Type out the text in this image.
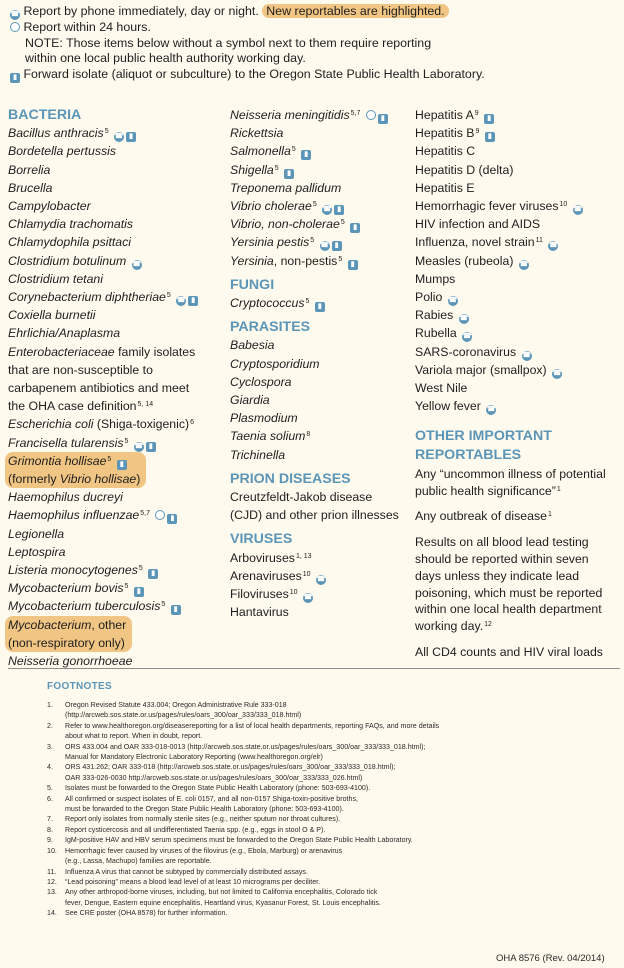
☎ Report by phone immediately, day or night. New reportables are highlighted.
Report within 24 hours.
NOTE: Those items below without a symbol next to them require reporting
within one local public health authority working day.
▮ Forward isolate (aliquot or subculture) to the Oregon State Public Health Laboratory.
BACTERIA
Bacillus anthracis$^5$ ☎ ▮
Bordetella pertussis
Borrelia
Brucella
Campylobacter
Chlamydia trachomatis
Chlamydophila psittaci
Clostridium botulinum ☎
Clostridium tetani
Corynebacterium diphtheriae$^5$ ☎ ▮
Coxiella burnetii
Ehrlichia/Anaplasma
Enterobacteriaceae family isolates
that are non-susceptible to
carbapenem antibiotics and meet
the OHA case definition$^{5, 14}$
Escherichia coli (Shiga-toxigenic)$^6$
Francisella tularensis$^5$ ☎ ▮
Grimontia hollisae$^5$ ▮
(formerly Vibrio hollisae)
Haemophilus ducreyi
Haemophilus influenzae$^{5,7}$ ▮
Legionella
Leptospira
Listeria monocytogenes$^5$ ▮
Mycobacterium bovis$^5$ ▮
Mycobacterium tuberculosis$^5$ ▮
Mycobacterium, other
(non-respiratory only)
Neisseria gonorrhoeae
Neisseria meningitidis$^{5,7}$ ▮
Rickettsia
Salmonella$^5$ ▮
Shigella$^5$ ▮
Treponema pallidum
Vibrio cholerae$^5$ ☎ ▮
Vibrio, non-cholerae$^5$ ▮
Yersinia pestis$^5$ ☎ ▮
Yersinia, non-pestis$^5$ ▮
FUNGI
Cryptococcus$^5$ ▮
PARASITES
Babesia
Cryptosporidium
Cyclospora
Giardia
Plasmodium
Taenia solium$^8$
Trichinella
PRION DISEASES
Creutzfeldt-Jakob disease
(CJD) and other prion illnesses
VIRUSES
Arboviruses$^{1, 13}$
Arenaviruses$^{10}$ ☎
Filoviruses$^{10}$ ☎
Hantavirus
Hepatitis $A^9$ ▮
Hepatitis $B^9$ ▮
Hepatitis C
Hepatitis D (delta)
Hepatitis E
Hemorrhagic fever viruses$^{10}$ ☎
HIV infection and AIDS
Influenza, novel strain$^{11}$ ☎
Measles (rubeola) ☎
Mumps
Polio ☎
Rabies ☎
Rubella ☎
SARS-coronavirus ☎
Variola major (smallpox) ☎
West Nile
Yellow fever ☎
OTHER IMPORTANT
REPORTABLES
Any “uncommon illness of potential
public health significance”$^1$
Any outbreak of disease$^1$
Results on all blood lead testing
should be reported within seven
days unless they indicate lead
poisoning, which must be reported
within one local health department
working day.$^{12}$
All CD4 counts and HIV viral loads
FOOTNOTES
1.	Oregon Revised Statute 433.004; Oregon Administrative Rule 333-018
(http://arcweb.sos.state.or.us/pages/rules/oars_300/oar_333/333_018.html)
2.	Refer to www.healthoregon.org/diseasereporting for a list of local health departments, reporting FAQs, and more details
about what to report. When in doubt, report.
3.	ORS 433.004 and OAR 333-018-0013 (http://arcweb.sos.state.or.us/pages/rules/oars_300/oar_333/333_018.html);
Manual for Mandatory Electronic Laboratory Reporting (www.healthoregon.org/elr)
4.	ORS 431.262; OAR 333-018 (http://arcweb.sos.state.or.us/pages/rules/oars_300/oar_333/333_018.html);
OAR 333-026-0030 http://arcweb.sos.state.or.us/pages/rules/oars_300/oar_333/333_026.html)
5.	Isolates must be forwarded to the Oregon State Public Health Laboratory (phone: 503-693-4100).
6.	All confirmed or suspect isolates of E. coli 0157, and all non-0157 Shiga-toxin-positive broths,
must be forwarded to the Oregon State Public Health Laboratory (phone: 503-693-4100).
7.	Report only isolates from normally sterile sites (e.g., neither sputum nor throat cultures).
8.	Report cysticercosis and all undifferentiated Taenia spp. (e.g., eggs in stool O & P).
9.	IgM-positive HAV and HBV serum specimens must be forwarded to the Oregon State Public Health Laboratory.
10.	Hemorrhagic fever caused by viruses of the filovirus (e.g., Ebola, Marburg) or arenavirus
(e.g., Lassa, Machupo) families are reportable.
11.	Influenza A virus that cannot be subtyped by commercially distributed assays.
12.	“Lead poisoning” means a blood lead level of at least 10 micrograms per deciliter.
13.	Any other arthropod-borne viruses, including, but not limited to California encephalitis, Colorado tick
fever, Dengue, Eastern equine encephalitis, Heartland virus, Kyasanur Forest, St. Louis encephalitis.
14.	See CRE poster (OHA 8578) for further information.
OHA 8576 (Rev. 04/2014)
